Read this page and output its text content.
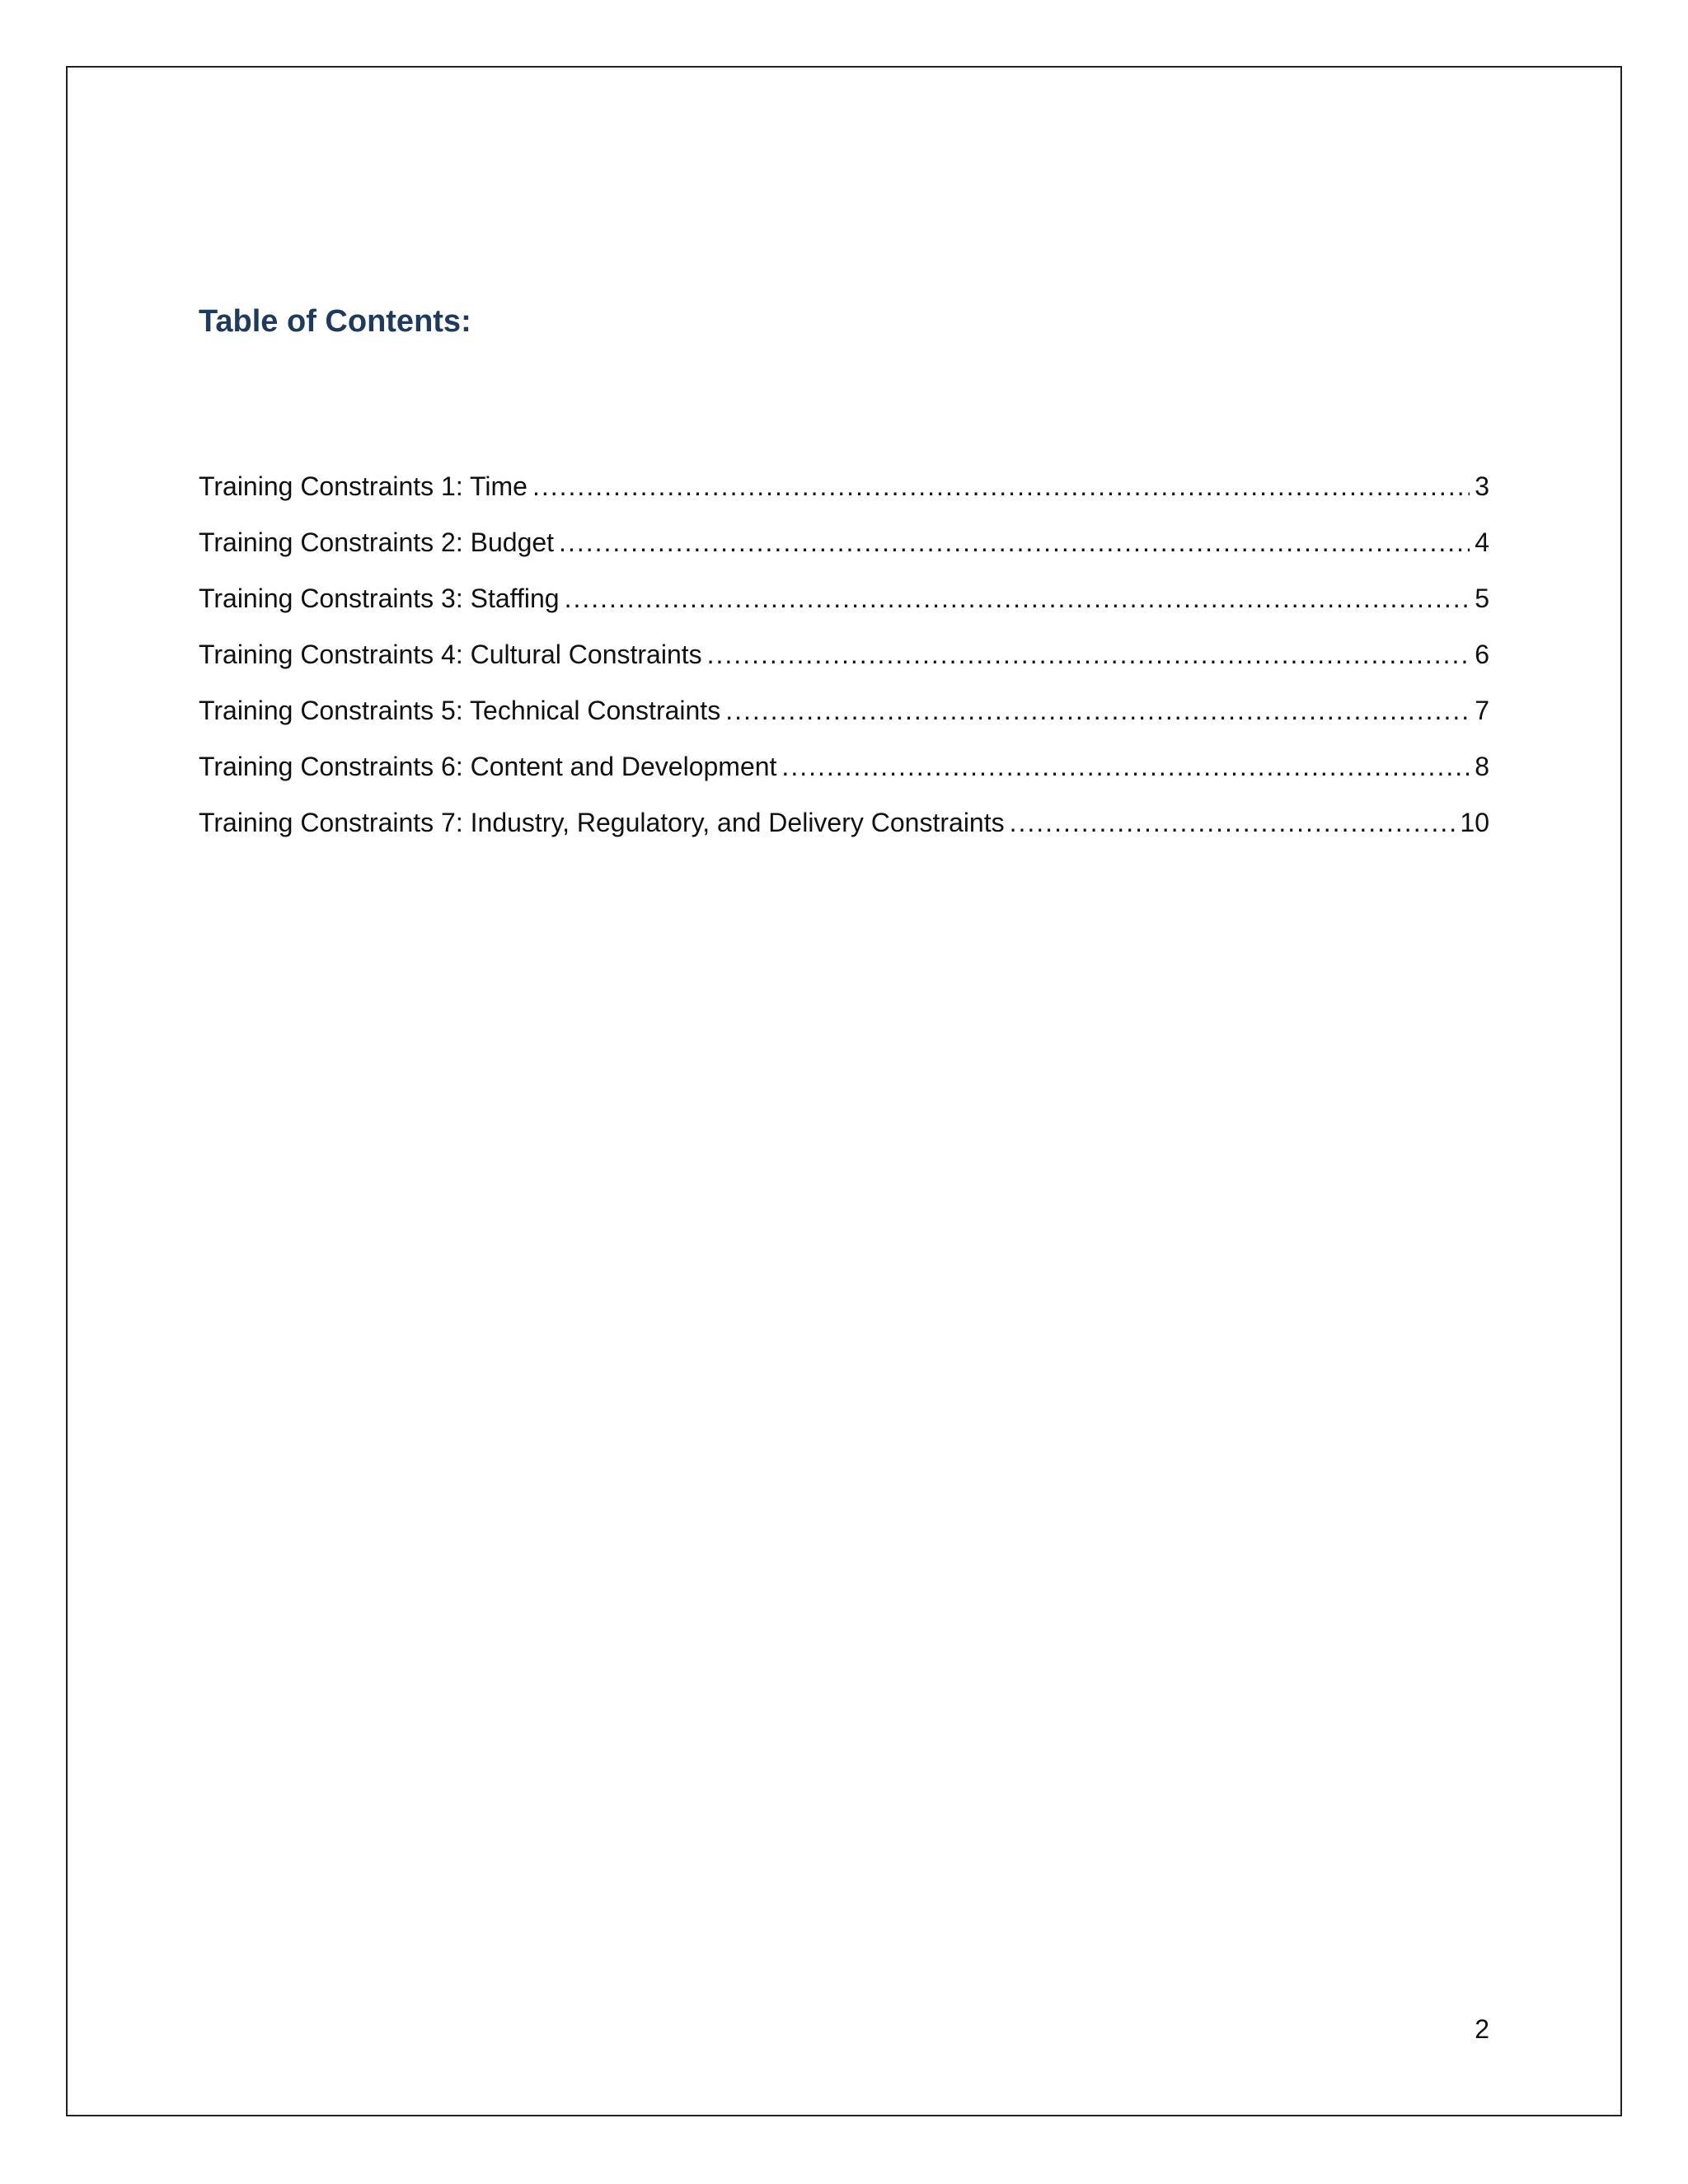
Table of Contents:
Training Constraints 1: Time .....	3
Training Constraints 2: Budget .....	4
Training Constraints 3: Staffing .....	5
Training Constraints 4: Cultural Constraints .....	6
Training Constraints 5: Technical Constraints .....	7
Training Constraints 6: Content and Development .....	8
Training Constraints 7: Industry, Regulatory, and Delivery Constraints .....	10
2
